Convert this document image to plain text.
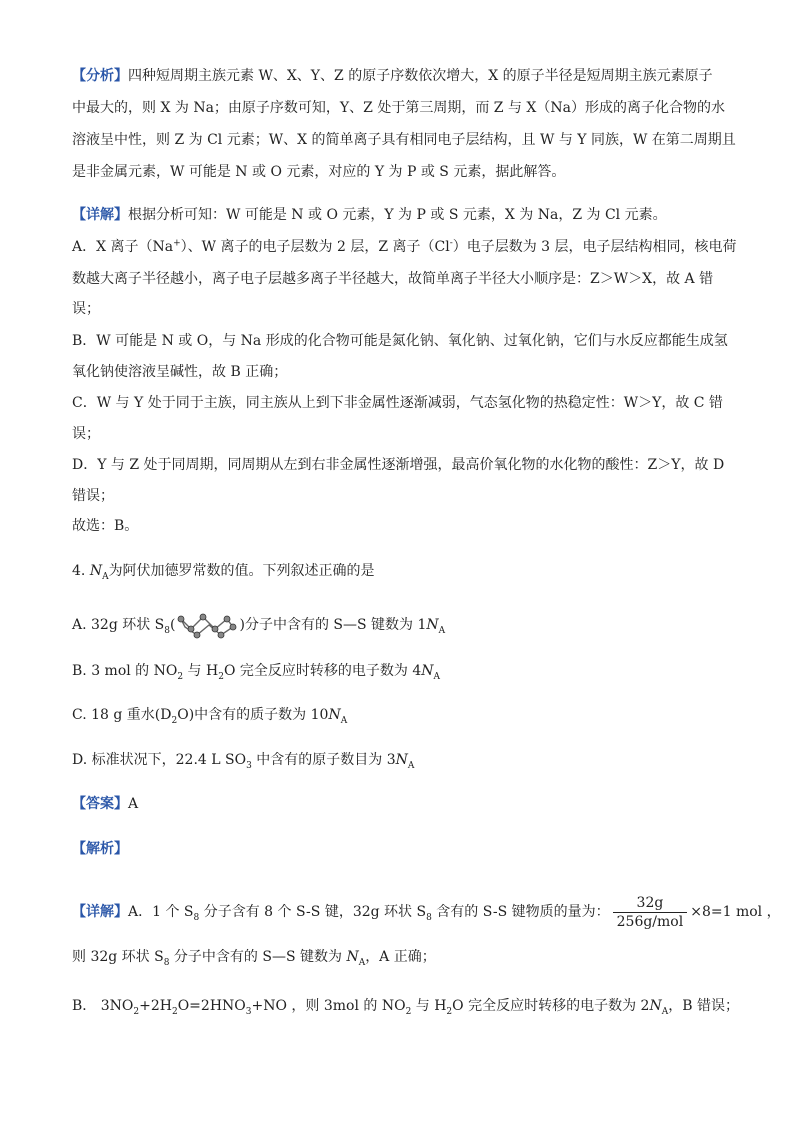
【分析】四种短周期主族元素 W、X、Y、Z 的原子序数依次增大，X 的原子半径是短周期主族元素原子
中最大的，则 X 为 Na；由原子序数可知，Y、Z 处于第三周期，而 Z 与 X（Na）形成的离子化合物的水
溶液呈中性，则 Z 为 Cl 元素；W、X 的简单离子具有相同电子层结构，且 W 与 Y 同族，W 在第二周期且
是非金属元素，W 可能是 N 或 O 元素，对应的 Y 为 P 或 S 元素，据此解答。
【详解】根据分析可知：W 可能是 N 或 O 元素，Y 为 P 或 S 元素，X 为 Na，Z 为 Cl 元素。
A．X 离子（Na+）、W 离子的电子层数为 2 层，Z 离子（Cl-）电子层数为 3 层，电子层结构相同，核电荷
数越大离子半径越小，离子电子层越多离子半径越大，故简单离子半径大小顺序是：Z＞W＞X，故 A 错
误；
B．W 可能是 N 或 O，与 Na 形成的化合物可能是氮化钠、氧化钠、过氧化钠，它们与水反应都能生成氢
氧化钠使溶液呈碱性，故 B 正确；
C．W 与 Y 处于同于主族，同主族从上到下非金属性逐渐减弱，气态氢化物的热稳定性：W＞Y，故 C 错
误；
D．Y 与 Z 处于同周期，同周期从左到右非金属性逐渐增强，最高价氧化物的水化物的酸性：Z＞Y，故 D
错误；
故选：B。
4. $N_A$为阿伏加德罗常数的值。下列叙述正确的是
A. 32g 环状 $S_8$(	)分子中含有的 S—S 键数为 $1N_A$
B. 3 mol 的 $NO_2$ 与 $H_2O$ 完全反应时转移的电子数为 $4N_A$
C. 18 g 重水$(D_2O)$中含有的质子数为 $10N_A$
D. 标准状况下，22.4 L $SO_3$ 中含有的原子数目为 $3N_A$
【答案】A
【解析】
【详解】A．1 个 $S_8$ 分子含有 8 个 S-S 键，32g 环状 $S_8$ 含有的 S-S 键物质的量为： $\frac{32g}{\text{256g/mol}} \times 8=1$ mol ，
则 32g 环状 $S_8$ 分子中含有的 S—S 键数为 $N_A$，A 正确；
B． $3NO_2+2H_2O=2HNO_3+NO$ ，则 3mol 的 $NO_2$ 与 $H_2O$ 完全反应时转移的电子数为 $2N_A$，B 错误；
